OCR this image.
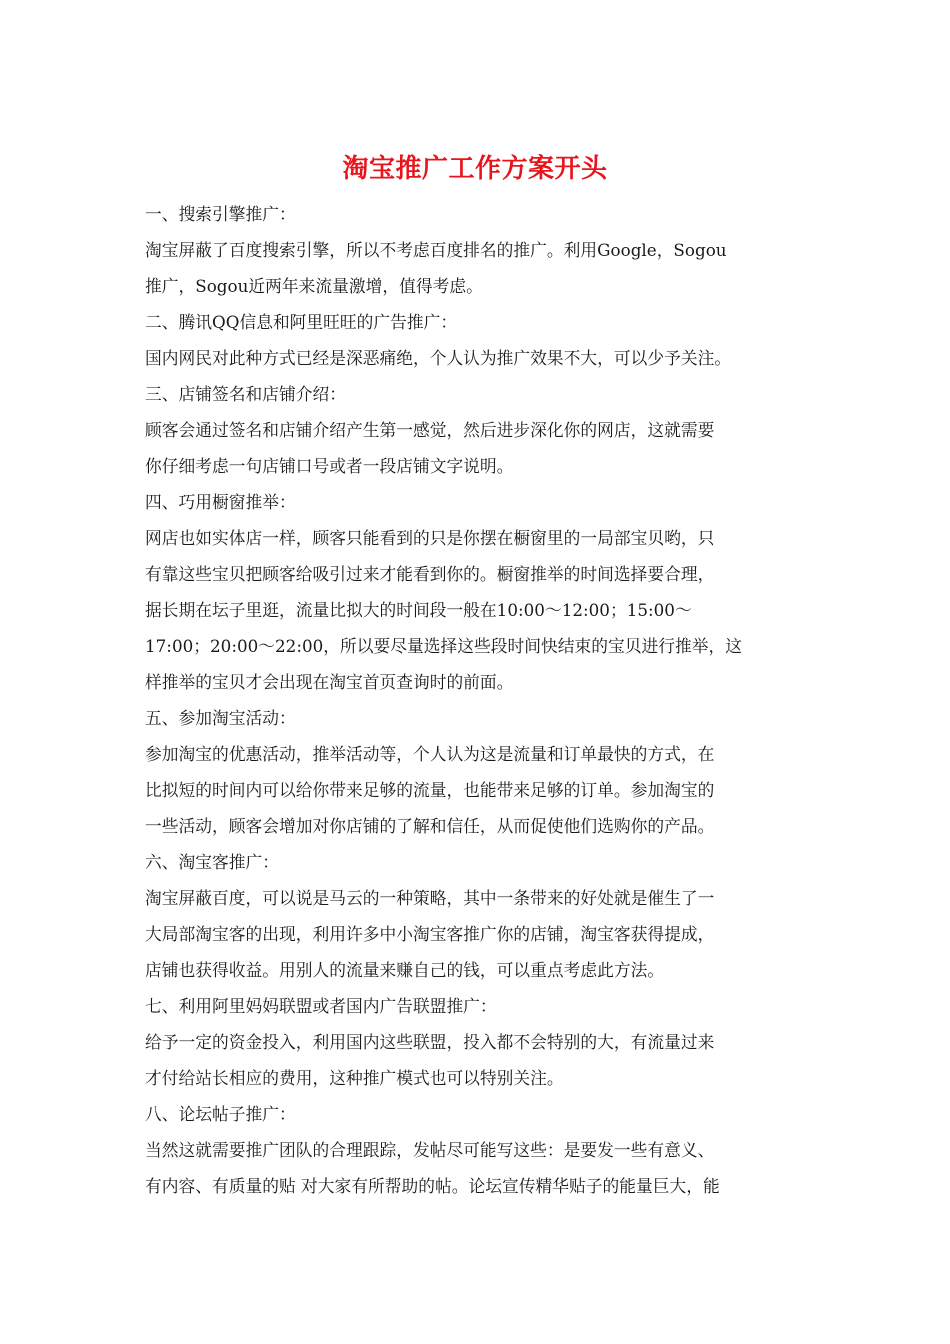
淘宝推广工作方案开头
一、搜索引擎推广：
淘宝屏蔽了百度搜索引擎，所以不考虑百度排名的推广。利用Google，Sogou
推广，Sogou近两年来流量激增，值得考虑。
二、腾讯QQ信息和阿里旺旺的广告推广：
国内网民对此种方式已经是深恶痛绝，个人认为推广效果不大，可以少予关注。
三、店铺签名和店铺介绍：
顾客会通过签名和店铺介绍产生第一感觉，然后进步深化你的网店，这就需要
你仔细考虑一句店铺口号或者一段店铺文字说明。
四、巧用橱窗推举：
网店也如实体店一样，顾客只能看到的只是你摆在橱窗里的一局部宝贝哟，只
有靠这些宝贝把顾客给吸引过来才能看到你的。橱窗推举的时间选择要合理，
据长期在坛子里逛，流量比拟大的时间段一般在10:00～12:00；15:00～
17:00；20:00～22:00，所以要尽量选择这些段时间快结束的宝贝进行推举，这
样推举的宝贝才会出现在淘宝首页查询时的前面。
五、参加淘宝活动：
参加淘宝的优惠活动，推举活动等，个人认为这是流量和订单最快的方式，在
比拟短的时间内可以给你带来足够的流量，也能带来足够的订单。参加淘宝的
一些活动，顾客会增加对你店铺的了解和信任，从而促使他们选购你的产品。
六、淘宝客推广：
淘宝屏蔽百度，可以说是马云的一种策略，其中一条带来的好处就是催生了一
大局部淘宝客的出现，利用许多中小淘宝客推广你的店铺，淘宝客获得提成，
店铺也获得收益。用别人的流量来赚自己的钱，可以重点考虑此方法。
七、利用阿里妈妈联盟或者国内广告联盟推广：
给予一定的资金投入，利用国内这些联盟，投入都不会特别的大，有流量过来
才付给站长相应的费用，这种推广模式也可以特别关注。
八、论坛帖子推广：
当然这就需要推广团队的合理跟踪，发帖尽可能写这些：是要发一些有意义、
有内容、有质量的贴 对大家有所帮助的帖。论坛宣传精华贴子的能量巨大，能
